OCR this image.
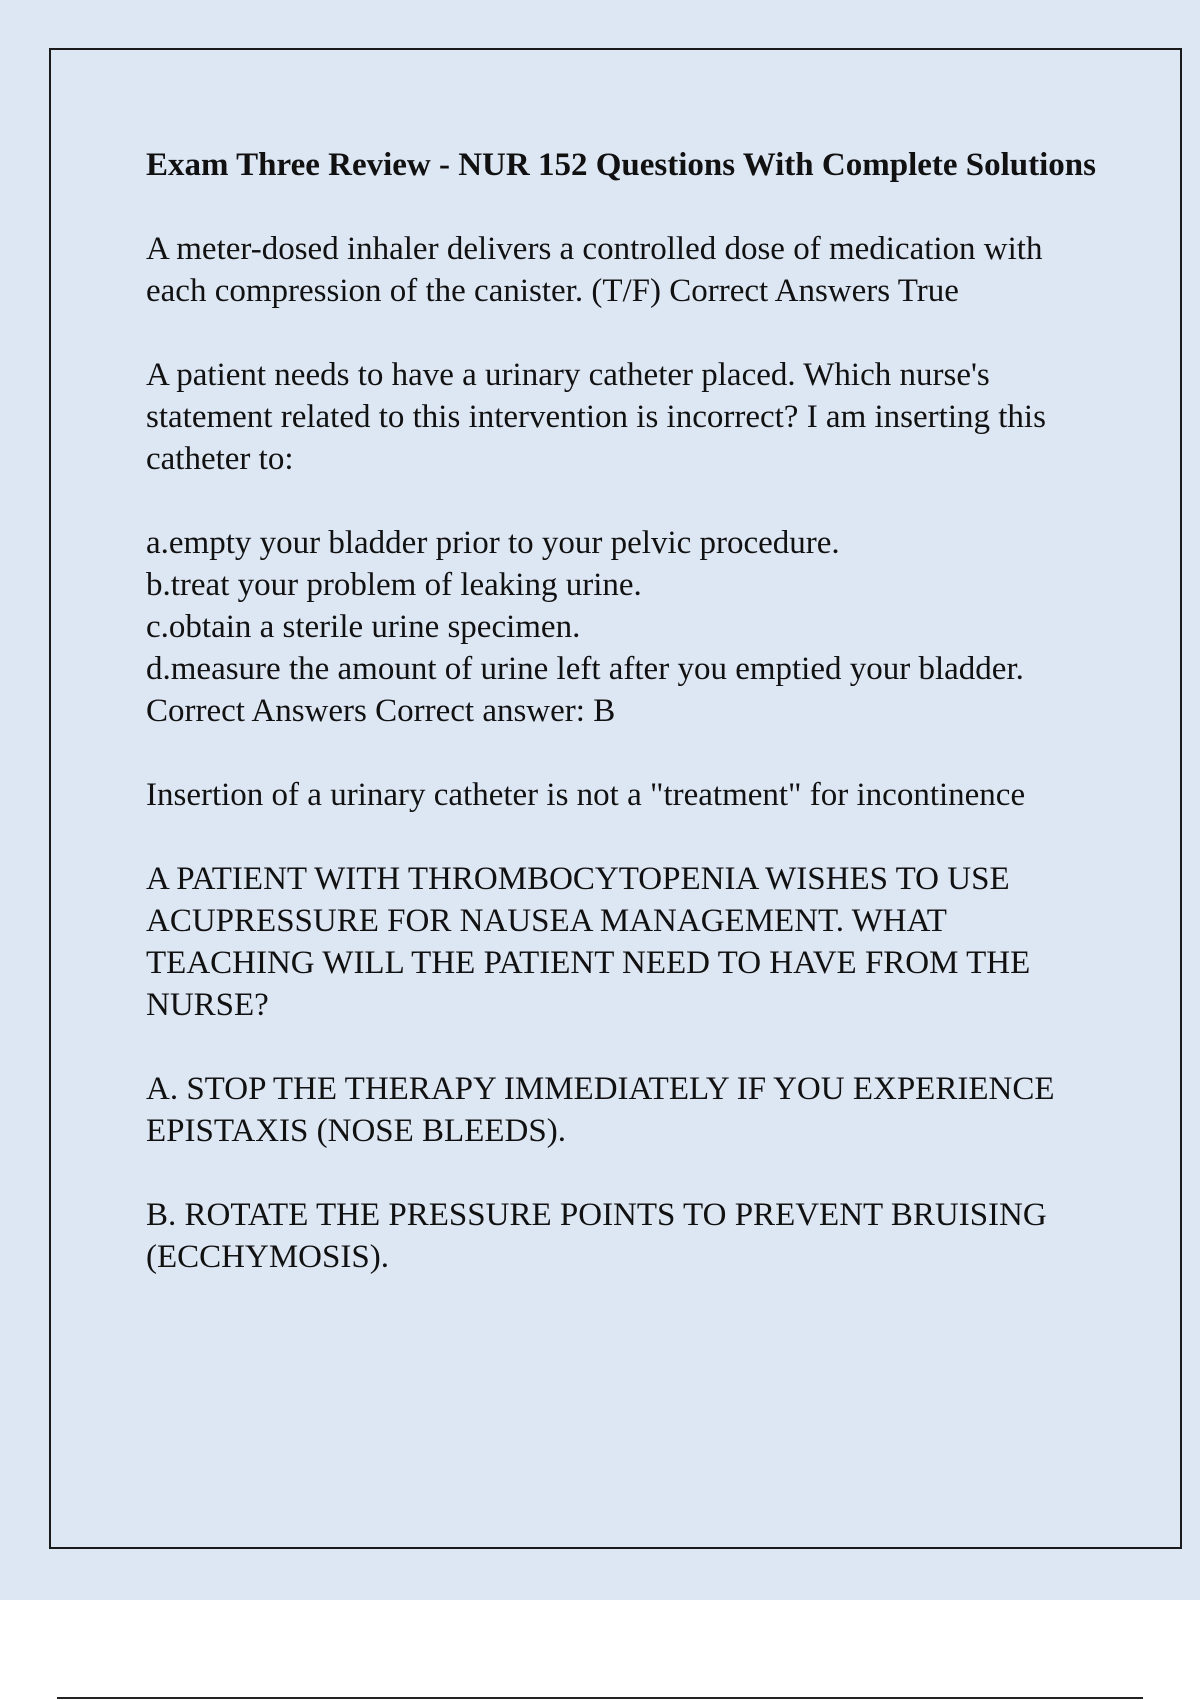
Exam Three Review - NUR 152 Questions With Complete Solutions

A meter-dosed inhaler delivers a controlled dose of medication with each compression of the canister. (T/F) Correct Answers True

A patient needs to have a urinary catheter placed. Which nurse's statement related to this intervention is incorrect? I am inserting this catheter to:

a.empty your bladder prior to your pelvic procedure.
b.treat your problem of leaking urine.
c.obtain a sterile urine specimen.
d.measure the amount of urine left after you emptied your bladder. Correct Answers Correct answer: B

Insertion of a urinary catheter is not a "treatment" for incontinence

A PATIENT WITH THROMBOCYTOPENIA WISHES TO USE ACUPRESSURE FOR NAUSEA MANAGEMENT. WHAT TEACHING WILL THE PATIENT NEED TO HAVE FROM THE NURSE?

A. STOP THE THERAPY IMMEDIATELY IF YOU EXPERIENCE EPISTAXIS (NOSE BLEEDS).

B. ROTATE THE PRESSURE POINTS TO PREVENT BRUISING (ECCHYMOSIS).
